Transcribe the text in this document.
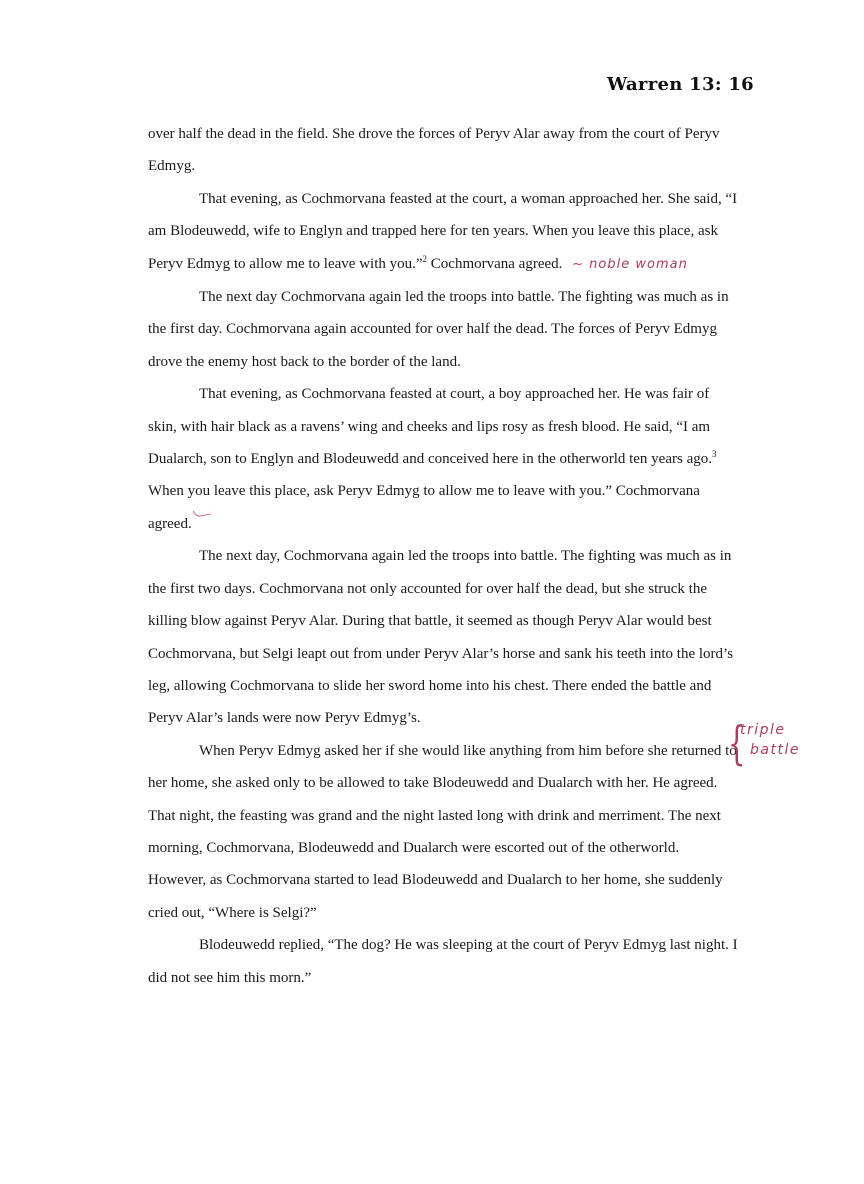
Warren 13: 16

over half the dead in the field. She drove the forces of Peryv Alar away from the court of Peryv Edmyg.

That evening, as Cochmorvana feasted at the court, a woman approached her. She said, “I am Blodeuwedd, wife to Englyn and trapped here for ten years. When you leave this place, ask Peryv Edmyg to allow me to leave with you.”$^2$ Cochmorvana agreed. ~ noble woman

The next day Cochmorvana again led the troops into battle. The fighting was much as in the first day. Cochmorvana again accounted for over half the dead. The forces of Peryv Edmyg drove the enemy host back to the border of the land.

That evening, as Cochmorvana feasted at court, a boy approached her. He was fair of skin, with hair black as a ravens’ wing and cheeks and lips rosy as fresh blood. He said, “I am Dualarch, son to Englyn and Blodeuwedd and conceived here in the otherworld ten years ago.$^3$ When you leave this place, ask Peryv Edmyg to allow me to leave with you.” Cochmorvana agreed.

The next day, Cochmorvana again led the troops into battle. The fighting was much as in the first two days. Cochmorvana not only accounted for over half the dead, but she struck the killing blow against Peryv Alar. During that battle, it seemed as though Peryv Alar would best Cochmorvana, but Selgi leapt out from under Peryv Alar’s horse and sank his teeth into the lord’s leg, allowing Cochmorvana to slide her sword home into his chest. There ended the battle and Peryv Alar’s lands were now Peryv Edmyg’s.

When Peryv Edmyg asked her if she would like anything from him before she returned to her home, she asked only to be allowed to take Blodeuwedd and Dualarch with her. He agreed. That night, the feasting was grand and the night lasted long with drink and merriment. The next morning, Cochmorvana, Blodeuwedd and Dualarch were escorted out of the otherworld. However, as Cochmorvana started to lead Blodeuwedd and Dualarch to her home, she suddenly cried out, “Where is Selgi?”

Blodeuwedd replied, “The dog? He was sleeping at the court of Peryv Edmyg last night. I did not see him this morn.”

{
triple
battle
